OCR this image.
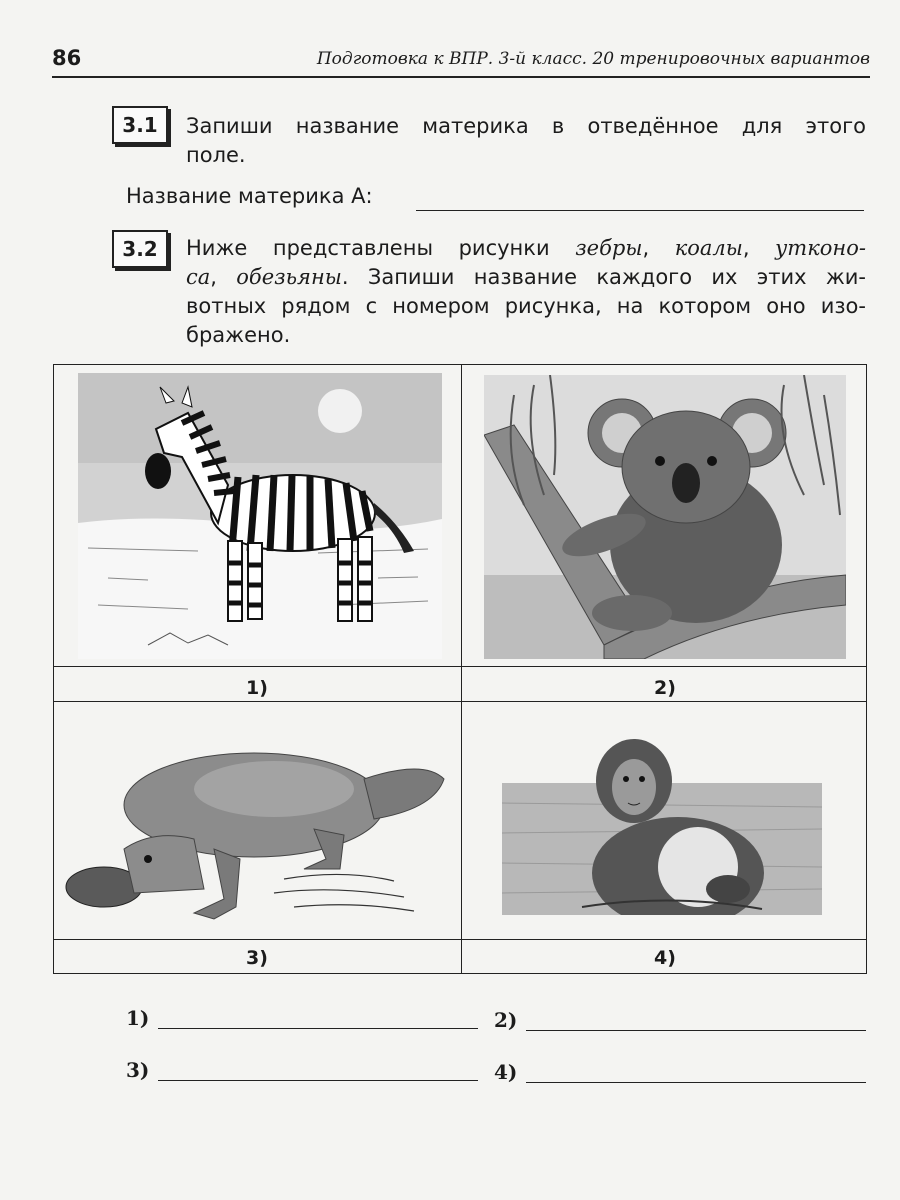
86	Подготовка к ВПР. 3-й класс. 20 тренировочных вариантов
3.1	Запиши название материка в отведённое для этого
поле.
Название материка А:
3.2	Ниже представлены рисунки зебры, коалы, утконо-
са, обезьяны. Запиши название каждого их этих жи-
вотных рядом с номером рисунка, на котором оно изо-
бражено.
1)	2)
3)	4)
1)	2)
3)	4)
